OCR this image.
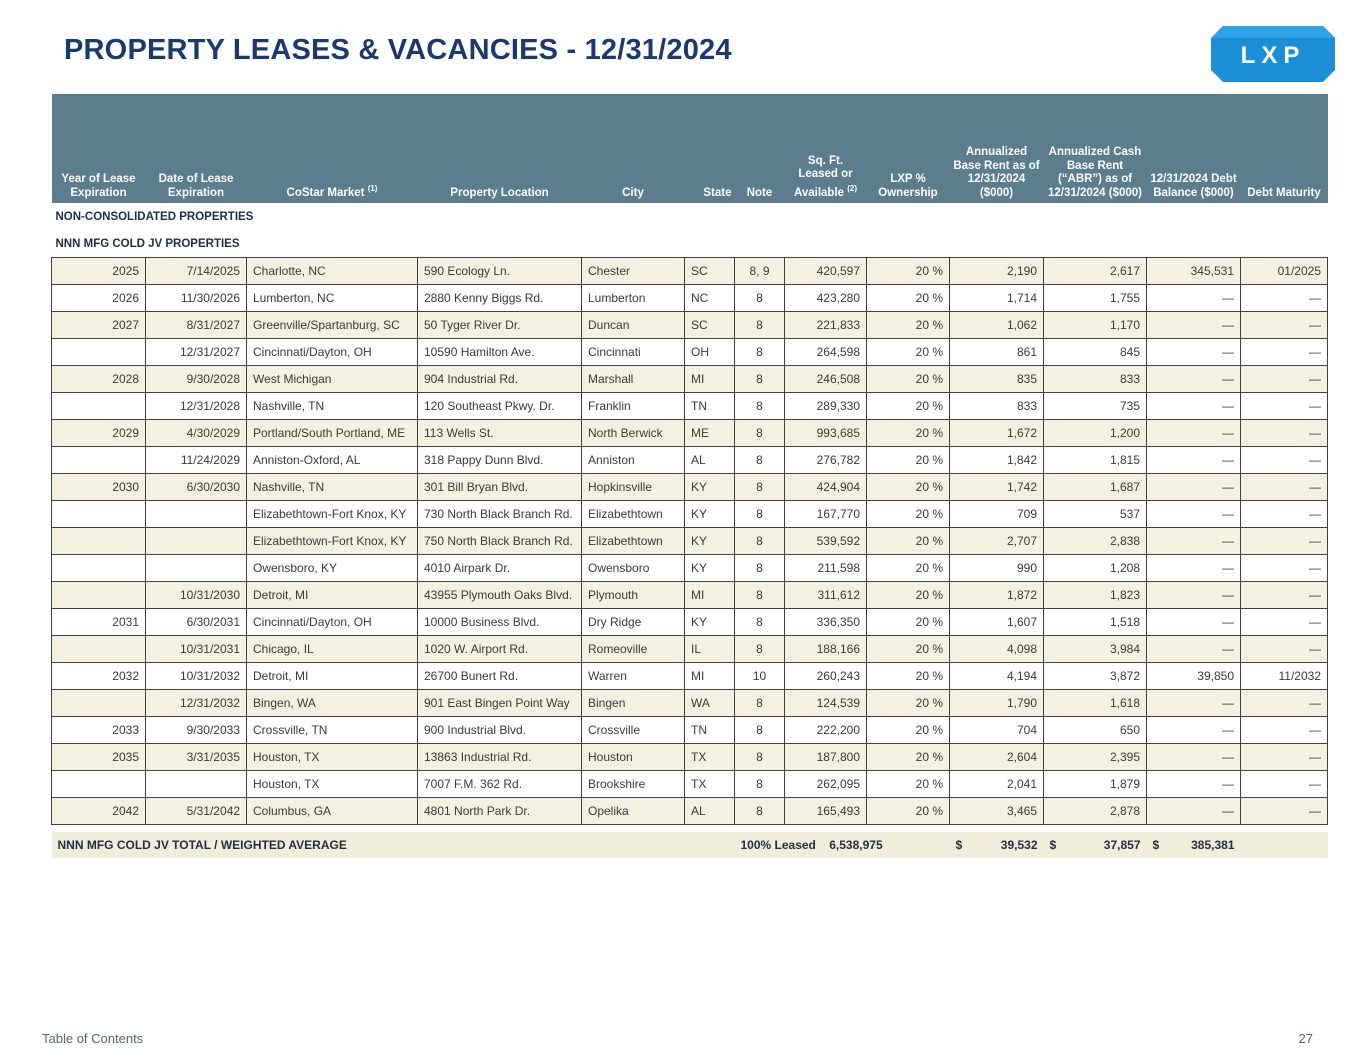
PROPERTY LEASES & VACANCIES - 12/31/2024	LXP
Year of Lease Expiration	Date of Lease Expiration	CoStar Market $^{(1)}$	Property Location	City	State	Note	Sq. Ft. Leased or Available $^{(2)}$	LXP % Ownership	Annualized Base Rent as of 12/31/2024 ($000)	Annualized Cash Base Rent (“ABR”) as of 12/31/2024 ($000)	12/31/2024 Debt Balance ($000)	Debt Maturity
NON-CONSOLIDATED PROPERTIES												
NNN MFG COLD JV PROPERTIES												
2025	7/14/2025	Charlotte, NC	590 Ecology Ln.	Chester	SC	8, 9	420,597	20 %	2,190	2,617	345,531	01/2025
2026	11/30/2026	Lumberton, NC	2880 Kenny Biggs Rd.	Lumberton	NC	8	423,280	20 %	1,714	1,755	—	—
2027	8/31/2027	Greenville/Spartanburg, SC	50 Tyger River Dr.	Duncan	SC	8	221,833	20 %	1,062	1,170	—	—
	12/31/2027	Cincinnati/Dayton, OH	10590 Hamilton Ave.	Cincinnati	OH	8	264,598	20 %	861	845	—	—
2028	9/30/2028	West Michigan	904 Industrial Rd.	Marshall	MI	8	246,508	20 %	835	833	—	—
	12/31/2028	Nashville, TN	120 Southeast Pkwy. Dr.	Franklin	TN	8	289,330	20 %	833	735	—	—
2029	4/30/2029	Portland/South Portland, ME	113 Wells St.	North Berwick	ME	8	993,685	20 %	1,672	1,200	—	—
	11/24/2029	Anniston-Oxford, AL	318 Pappy Dunn Blvd.	Anniston	AL	8	276,782	20 %	1,842	1,815	—	—
2030	6/30/2030	Nashville, TN	301 Bill Bryan Blvd.	Hopkinsville	KY	8	424,904	20 %	1,742	1,687	—	—
		Elizabethtown-Fort Knox, KY	730 North Black Branch Rd.	Elizabethtown	KY	8	167,770	20 %	709	537	—	—
		Elizabethtown-Fort Knox, KY	750 North Black Branch Rd.	Elizabethtown	KY	8	539,592	20 %	2,707	2,838	—	—
		Owensboro, KY	4010 Airpark Dr.	Owensboro	KY	8	211,598	20 %	990	1,208	—	—
	10/31/2030	Detroit, MI	43955 Plymouth Oaks Blvd.	Plymouth	MI	8	311,612	20 %	1,872	1,823	—	—
2031	6/30/2031	Cincinnati/Dayton, OH	10000 Business Blvd.	Dry Ridge	KY	8	336,350	20 %	1,607	1,518	—	—
	10/31/2031	Chicago, IL	1020 W. Airport Rd.	Romeoville	IL	8	188,166	20 %	4,098	3,984	—	—
2032	10/31/2032	Detroit, MI	26700 Bunert Rd.	Warren	MI	10	260,243	20 %	4,194	3,872	39,850	11/2032
	12/31/2032	Bingen, WA	901 East Bingen Point Way	Bingen	WA	8	124,539	20 %	1,790	1,618	—	—
2033	9/30/2033	Crossville, TN	900 Industrial Blvd.	Crossville	TN	8	222,200	20 %	704	650	—	—
2035	3/31/2035	Houston, TX	13863 Industrial Rd.	Houston	TX	8	187,800	20 %	2,604	2,395	—	—
		Houston, TX	7007 F.M. 362 Rd.	Brookshire	TX	8	262,095	20 %	2,041	1,879	—	—
2042	5/31/2042	Columbus, GA	4801 North Park Dr.	Opelika	AL	8	165,493	20 %	3,465	2,878	—	—

NNN MFG COLD JV TOTAL / WEIGHTED AVERAGE						100% Leased 6,538,975			$ 39,532	$ 37,857	$ 385,381	
Table of Contents	27
